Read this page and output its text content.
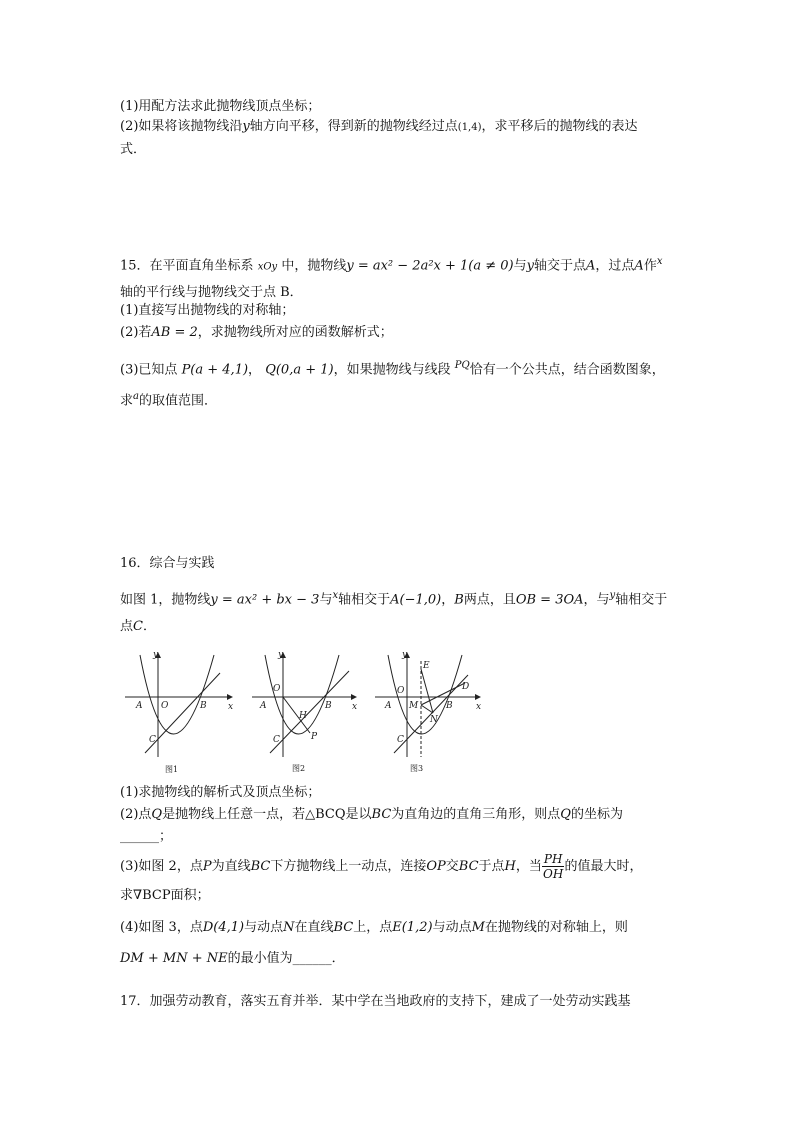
(1)用配方法求此抛物线顶点坐标；
(2)如果将该抛物线沿y轴方向平移，得到新的抛物线经过点(1,4)，求平移后的抛物线的表达
式．
15．在平面直角坐标系 xOy 中，抛物线y = ax² − 2a²x + 1(a ≠ 0)与y轴交于点A，过点A作$^x$
轴的平行线与抛物线交于点 B．
(1)直接写出抛物线的对称轴；
(2)若AB = 2，求抛物线所对应的函数解析式；
(3)已知点 P(a + 4,1)， Q(0,a + 1)，如果抛物线与线段 $^{PQ}$恰有一个公共点，结合函数图象，
求$^a$的取值范围．
16．综合与实践
如图 1，抛物线y = ax² + bx − 3与$^x$轴相交于A(−1,0)，B两点，且OB = 3OA，与$^y$轴相交于
点C．
y
x
A O	B
C
图1
y
x
O
A	B
H
P
C
图2
y
x
E
D
O
A M
N
B
C
图3
(1)求抛物线的解析式及顶点坐标；
(2)点Q是抛物线上任意一点，若△BCQ是以BC为直角边的直角三角形，则点Q的坐标为
______；
(3)如图 2，点P为直线BC下方抛物线上一动点，连接OP交BC于点H，当 $\frac{PH}{OH}$ 的值最大时，
求∇BCP面积；
(4)如图 3，点D(4,1)与动点N在直线BC上，点E(1,2)与动点M在抛物线的对称轴上，则
DM + MN + NE的最小值为______．
17．加强劳动教育，落实五育并举．某中学在当地政府的支持下，建成了一处劳动实践基
